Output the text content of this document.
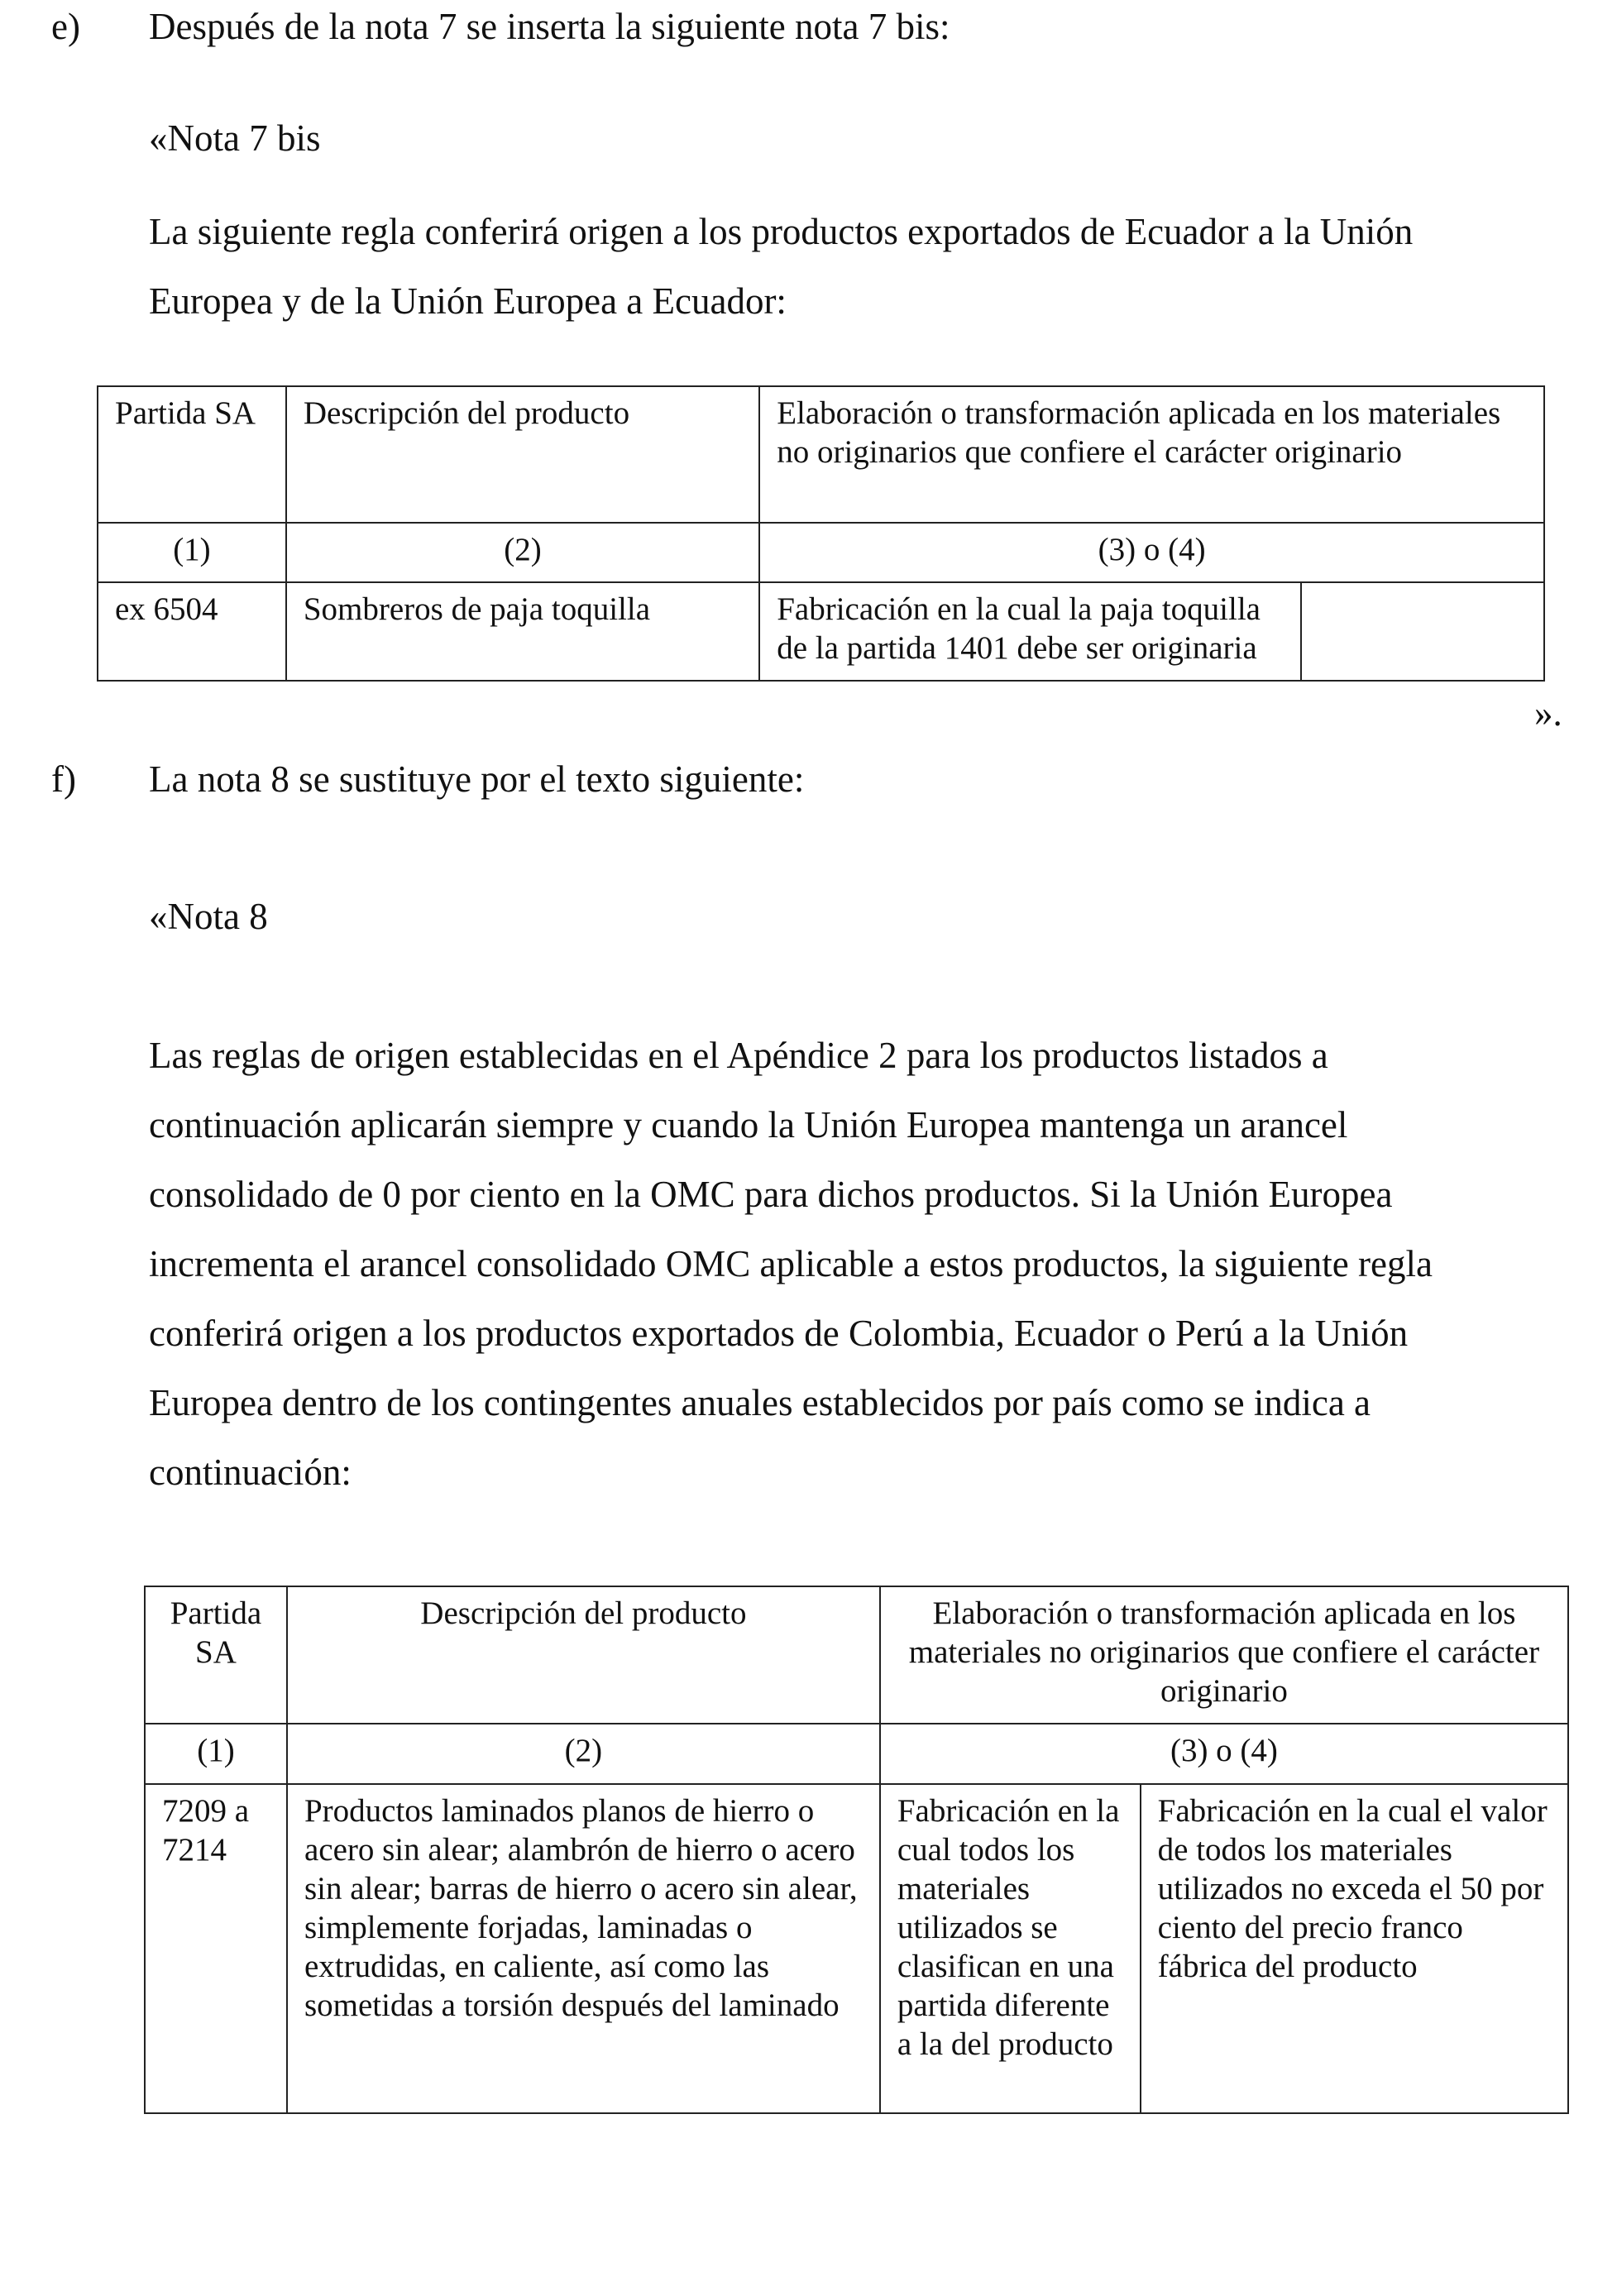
e) Después de la nota 7 se inserta la siguiente nota 7 bis:
«Nota 7 bis
La siguiente regla conferirá origen a los productos exportados de Ecuador a la Unión
Europea y de la Unión Europea a Ecuador:
Partida SA	Descripción del producto	Elaboración o transformación aplicada en los materiales no originarios que confiere el carácter originario	
(1)	(2)	(3) o (4)	
ex 6504	Sombreros de paja toquilla	Fabricación en la cual la paja toquilla de la partida 1401 debe ser originaria	
».
f) La nota 8 se sustituye por el texto siguiente:
«Nota 8
Las reglas de origen establecidas en el Apéndice 2 para los productos listados a
continuación aplicarán siempre y cuando la Unión Europea mantenga un arancel
consolidado de 0 por ciento en la OMC para dichos productos. Si la Unión Europea
incrementa el arancel consolidado OMC aplicable a estos productos, la siguiente regla
conferirá origen a los productos exportados de Colombia, Ecuador o Perú a la Unión
Europea dentro de los contingentes anuales establecidos por país como se indica a
continuación:
Partida SA	Descripción del producto	Elaboración o transformación aplicada en los materiales no originarios que confiere el carácter originario	
(1)	(2)	(3) o (4)	
7209 a 7214	Productos laminados planos de hierro o acero sin alear; alambrón de hierro o acero sin alear; barras de hierro o acero sin alear, simplemente forjadas, laminadas o extrudidas, en caliente, así como las sometidas a torsión después del laminado	Fabricación en la cual todos los materiales utilizados se clasifican en una partida diferente a la del producto	Fabricación en la cual el valor de todos los materiales utilizados no exceda el 50 por ciento del precio franco fábrica del producto
